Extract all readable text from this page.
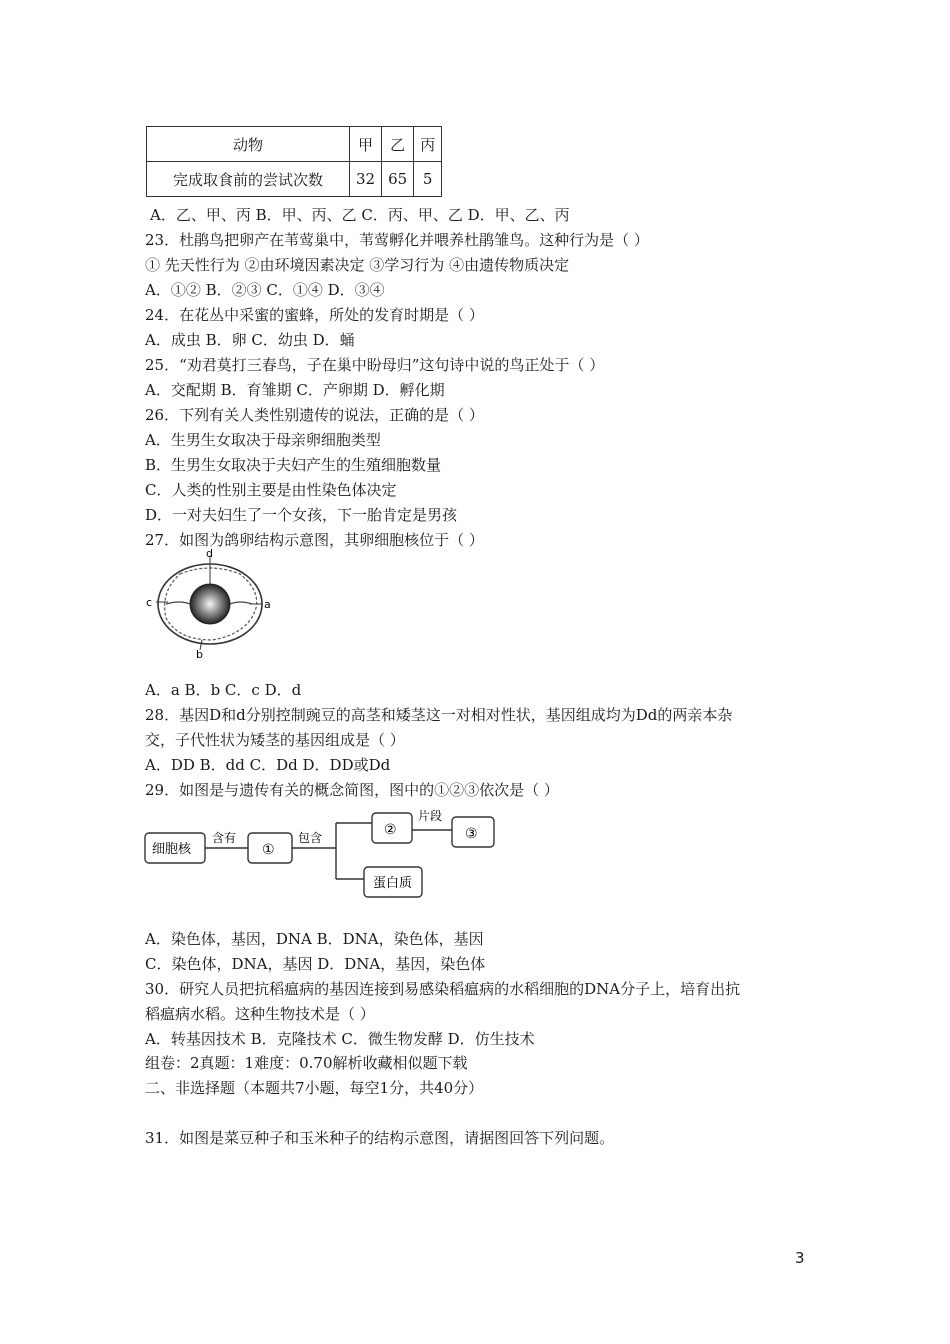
动物	甲	乙	丙
完成取食前的尝试次数	32	65	5
A．乙、甲、丙 B．甲、丙、乙 C．丙、甲、乙 D．甲、乙、丙
23．杜鹃鸟把卵产在苇莺巢中，苇莺孵化并喂养杜鹃雏鸟。这种行为是（ ）
① 先天性行为 ②由环境因素决定 ③学习行为 ④由遗传物质决定
A．①② B．②③ C．①④ D．③④
24．在花丛中采蜜的蜜蜂，所处的发育时期是（ ）
A．成虫 B．卵 C．幼虫 D．蛹
25．“劝君莫打三春鸟，子在巢中盼母归”这句诗中说的鸟正处于（ ）
A．交配期 B．育雏期 C．产卵期 D．孵化期
26．下列有关人类性别遗传的说法，正确的是（ ）
A．生男生女取决于母亲卵细胞类型
B．生男生女取决于夫妇产生的生殖细胞数量
C．人类的性别主要是由性染色体决定
D．一对夫妇生了一个女孩，下一胎肯定是男孩
27．如图为鸽卵结构示意图，其卵细胞核位于（ ）
d
c	a
b
A．a B．b C．c D．d
28．基因D和d分别控制豌豆的高茎和矮茎这一对相对性状，基因组成均为Dd的两亲本杂
交，子代性状为矮茎的基因组成是（ ）
A．DD B．dd C．Dd D．DD或Dd
29．如图是与遗传有关的概念简图，图中的①②③依次是（ ）
细胞核	①
②	③
蛋白质
含有	包含
片段
A．染色体，基因，DNA B．DNA，染色体，基因
C．染色体，DNA，基因 D．DNA，基因，染色体
30．研究人员把抗稻瘟病的基因连接到易感染稻瘟病的水稻细胞的DNA分子上，培育出抗
稻瘟病水稻。这种生物技术是（ ）
A．转基因技术 B．克隆技术 C．微生物发酵 D．仿生技术
组卷：2真题：1难度：0.70解析收藏相似题下载
二、非选择题（本题共7小题，每空1分，共40分）
31．如图是菜豆种子和玉米种子的结构示意图，请据图回答下列问题。
3
